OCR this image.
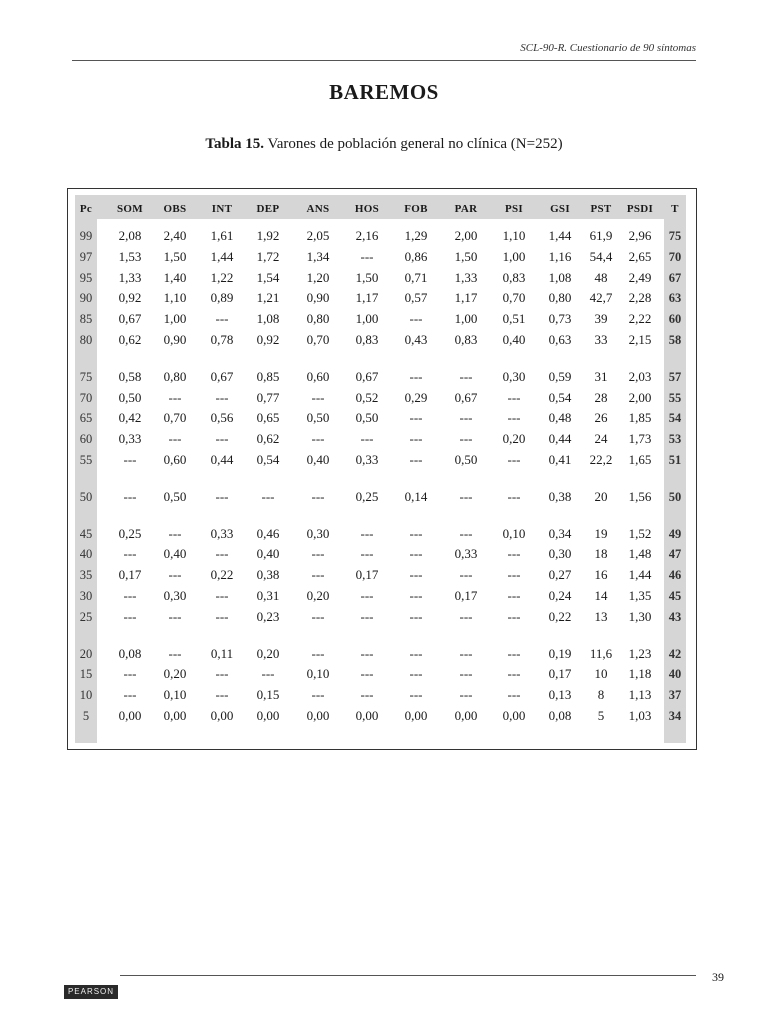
SCL-90-R. Cuestionario de 90 síntomas
BAREMOS
Tabla 15. Varones de población general no clínica (N=252)
Pc	SOM	OBS	INT	DEP	ANS	HOS	FOB	PAR	PSI	GSI	PST	PSDI	T
99	2,08	2,40	1,61	1,92	2,05	2,16	1,29	2,00	1,10	1,44	61,9	2,96	75
97	1,53	1,50	1,44	1,72	1,34	---	0,86	1,50	1,00	1,16	54,4	2,65	70
95	1,33	1,40	1,22	1,54	1,20	1,50	0,71	1,33	0,83	1,08	48	2,49	67
90	0,92	1,10	0,89	1,21	0,90	1,17	0,57	1,17	0,70	0,80	42,7	2,28	63
85	0,67	1,00	---	1,08	0,80	1,00	---	1,00	0,51	0,73	39	2,22	60
80	0,62	0,90	0,78	0,92	0,70	0,83	0,43	0,83	0,40	0,63	33	2,15	58
75	0,58	0,80	0,67	0,85	0,60	0,67	---	---	0,30	0,59	31	2,03	57
70	0,50	---	---	0,77	---	0,52	0,29	0,67	---	0,54	28	2,00	55
65	0,42	0,70	0,56	0,65	0,50	0,50	---	---	---	0,48	26	1,85	54
60	0,33	---	---	0,62	---	---	---	---	0,20	0,44	24	1,73	53
55	---	0,60	0,44	0,54	0,40	0,33	---	0,50	---	0,41	22,2	1,65	51
50	---	0,50	---	---	---	0,25	0,14	---	---	0,38	20	1,56	50
45	0,25	---	0,33	0,46	0,30	---	---	---	0,10	0,34	19	1,52	49
40	---	0,40	---	0,40	---	---	---	0,33	---	0,30	18	1,48	47
35	0,17	---	0,22	0,38	---	0,17	---	---	---	0,27	16	1,44	46
30	---	0,30	---	0,31	0,20	---	---	0,17	---	0,24	14	1,35	45
25	---	---	---	0,23	---	---	---	---	---	0,22	13	1,30	43
20	0,08	---	0,11	0,20	---	---	---	---	---	0,19	11,6	1,23	42
15	---	0,20	---	---	0,10	---	---	---	---	0,17	10	1,18	40
10	---	0,10	---	0,15	---	---	---	---	---	0,13	8	1,13	37
5	0,00	0,00	0,00	0,00	0,00	0,00	0,00	0,00	0,00	0,08	5	1,03	34
PEARSON
39
